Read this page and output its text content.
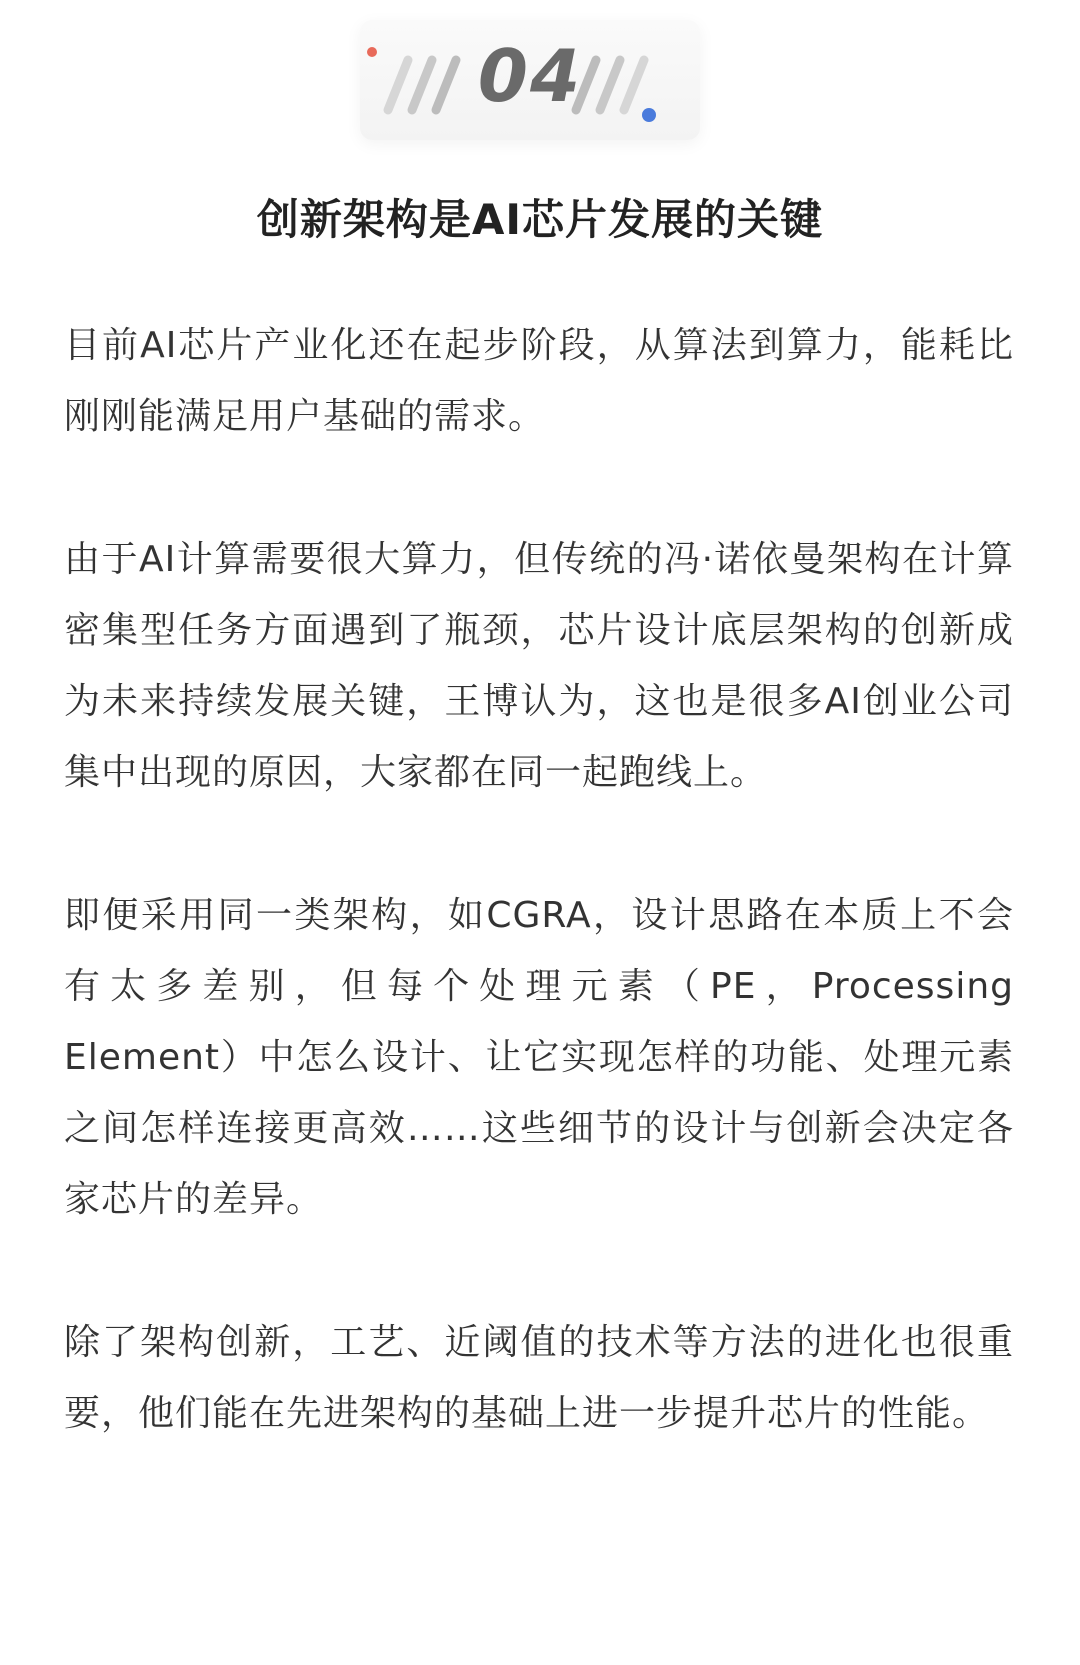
04
创新架构是AI芯片发展的关键

目前AI芯片产业化还在起步阶段，从算法到算力，能耗比刚刚能满足用户基础的需求。

由于AI计算需要很大算力，但传统的冯·诺依曼架构在计算密集型任务方面遇到了瓶颈，芯片设计底层架构的创新成为未来持续发展关键，王博认为，这也是很多AI创业公司集中出现的原因，大家都在同一起跑线上。

即便采用同一类架构，如CGRA，设计思路在本质上不会有太多差别，但每个处理元素（PE，Processing Element）中怎么设计、让它实现怎样的功能、处理元素之间怎样连接更高效……这些细节的设计与创新会决定各家芯片的差异。

除了架构创新，工艺、近阈值的技术等方法的进化也很重要，他们能在先进架构的基础上进一步提升芯片的性能。
